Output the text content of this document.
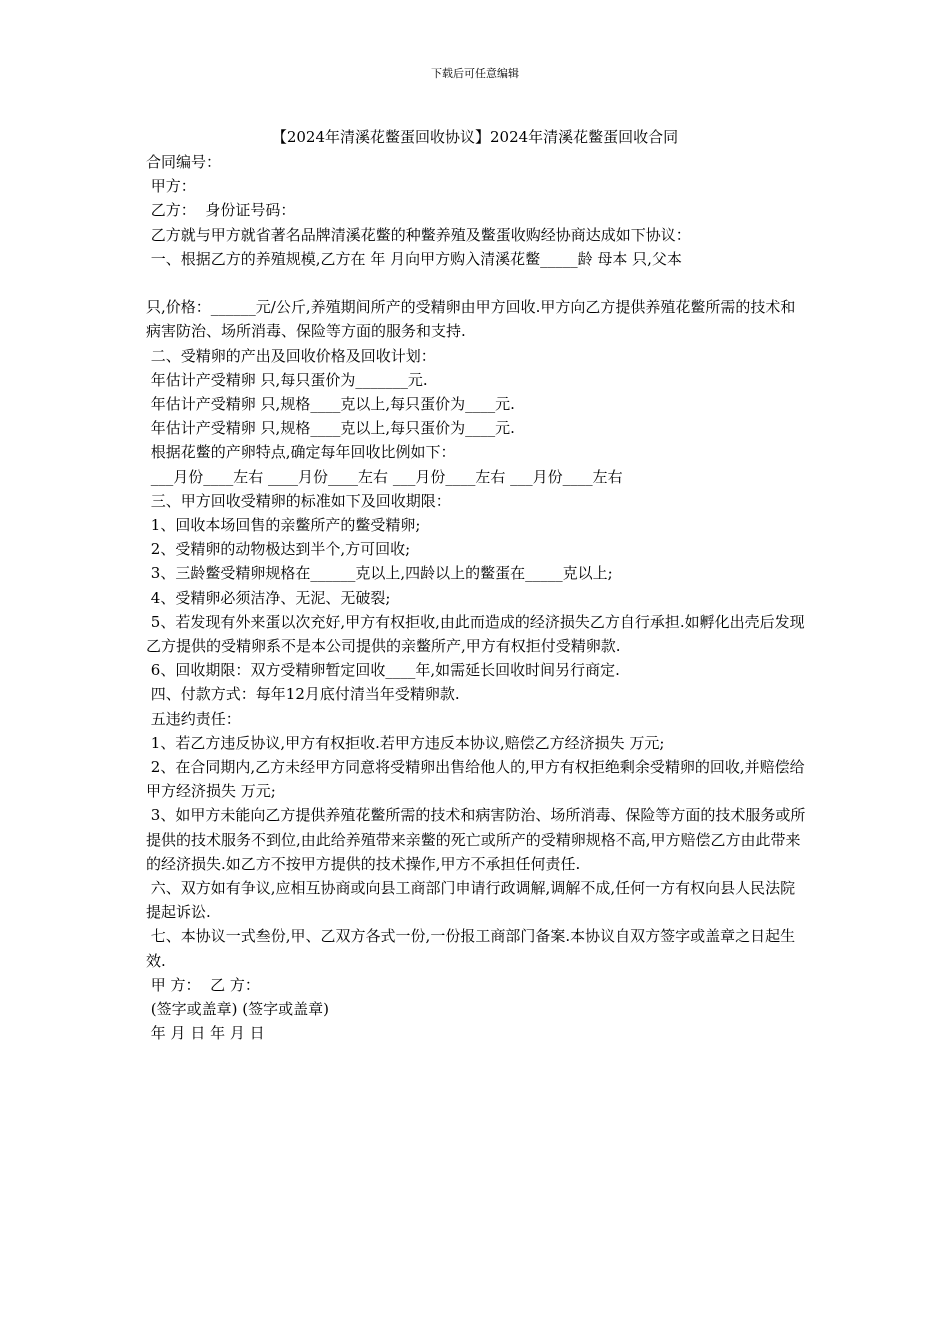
下载后可任意编辑
【2024年清溪花鳖蛋回收协议】2024年清溪花鳖蛋回收合同

合同编号：

甲方：

乙方：  身份证号码：

乙方就与甲方就省著名品牌清溪花鳖的种鳖养殖及鳖蛋收购经协商达成如下协议：

一、根据乙方的养殖规模,乙方在 年 月向甲方购入清溪花鳖_____龄 母本 只,父本

只,价格：______元/公斤,养殖期间所产的受精卵由甲方回收.甲方向乙方提供养殖花鳖所需的技术和病害防治、场所消毒、保险等方面的服务和支持.

二、受精卵的产出及回收价格及回收计划：

年估计产受精卵 只,每只蛋价为_______元.

年估计产受精卵 只,规格____克以上,每只蛋价为____元.

年估计产受精卵 只,规格____克以上,每只蛋价为____元.

根据花鳖的产卵特点,确定每年回收比例如下：

___月份____左右 ____月份____左右 ___月份____左右 ___月份____左右

三、甲方回收受精卵的标准如下及回收期限：

1、回收本场回售的亲鳖所产的鳖受精卵;

2、受精卵的动物极达到半个,方可回收;

3、三龄鳖受精卵规格在______克以上,四龄以上的鳖蛋在_____克以上;

4、受精卵必须洁净、无泥、无破裂;

5、若发现有外来蛋以次充好,甲方有权拒收,由此而造成的经济损失乙方自行承担.如孵化出壳后发现乙方提供的受精卵系不是本公司提供的亲鳖所产,甲方有权拒付受精卵款.

6、回收期限：双方受精卵暂定回收____年,如需延长回收时间另行商定.

四、付款方式：每年12月底付清当年受精卵款.

五违约责任：

1、若乙方违反协议,甲方有权拒收.若甲方违反本协议,赔偿乙方经济损失 万元;

2、在合同期内,乙方未经甲方同意将受精卵出售给他人的,甲方有权拒绝剩余受精卵的回收,并赔偿给甲方经济损失 万元;

3、如甲方未能向乙方提供养殖花鳖所需的技术和病害防治、场所消毒、保险等方面的技术服务或所提供的技术服务不到位,由此给养殖带来亲鳖的死亡或所产的受精卵规格不高,甲方赔偿乙方由此带来的经济损失.如乙方不按甲方提供的技术操作,甲方不承担任何责任.

六、双方如有争议,应相互协商或向县工商部门申请行政调解,调解不成,任何一方有权向县人民法院提起诉讼.

七、本协议一式叁份,甲、乙双方各式一份,一份报工商部门备案.本协议自双方签字或盖章之日起生效.

甲 方：  乙 方：

(签字或盖章) (签字或盖章)

年 月 日 年 月 日
